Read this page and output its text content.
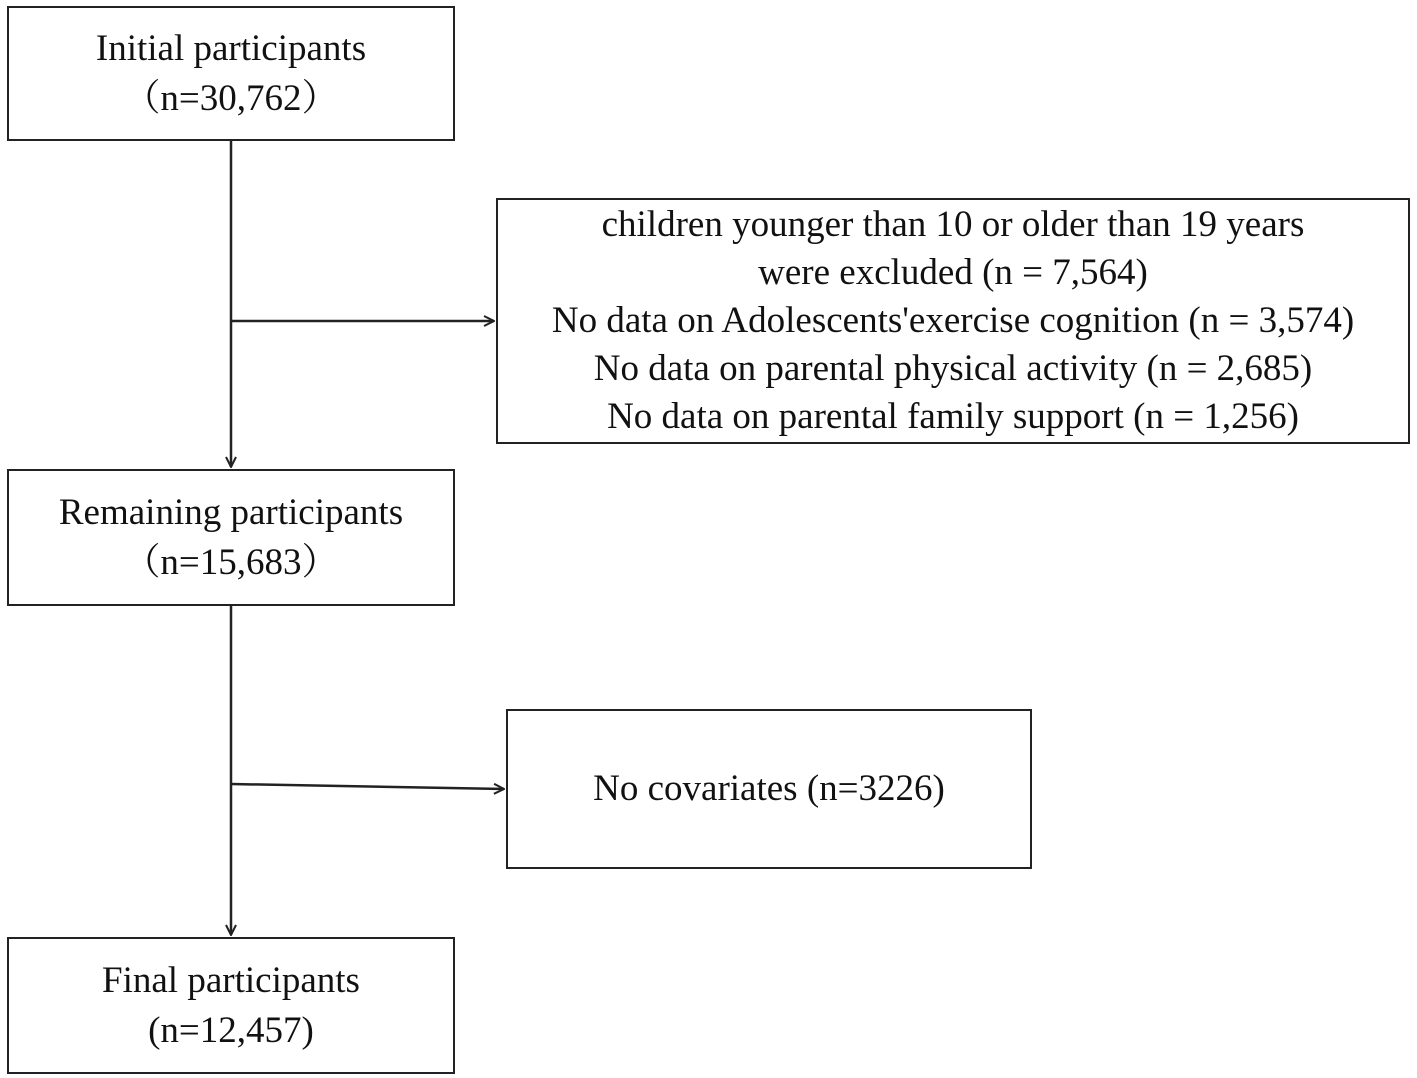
Initial participants
（n=30,762）
children younger than 10 or older than 19 years
were excluded (n = 7,564)
No data on Adolescents'exercise cognition (n = 3,574)
No data on parental physical activity (n = 2,685)
No data on parental family support (n = 1,256)
Remaining participants
（n=15,683）
No covariates (n=3226)
Final participants
(n=12,457)
